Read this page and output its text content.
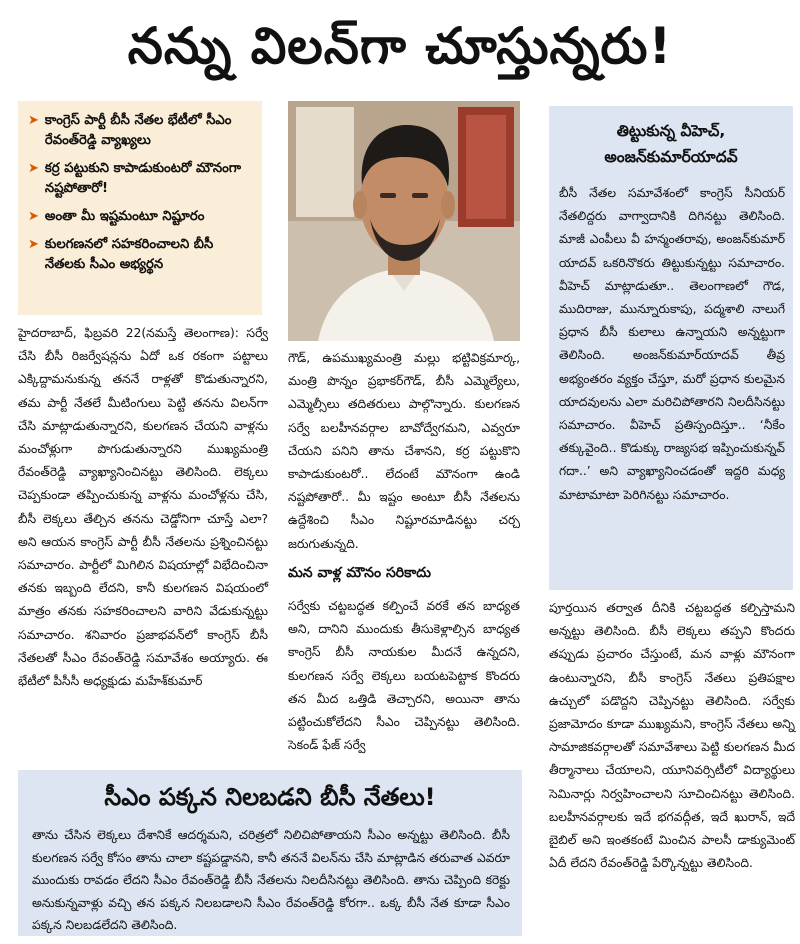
నన్ను విలన్‌గా చూస్తున్నరు!
➤ కాంగ్రెస్ పార్టీ బీసీ నేతల భేటీలో సీఎం రేవంత్‌రెడ్డి వ్యాఖ్యలు
➤ కర్ర పట్టుకుని కాపాడుకుంటరో మౌనంగా నష్టపోతారో!
➤ అంతా మీ ఇష్టమంటూ నిష్టూరం
➤ కులగణనలో సహకరించాలని బీసీ నేతలకు సీఎం అభ్యర్థన
తిట్టుకున్న వీహెచ్,
అంజన్‌కుమార్‌యాదవ్

బీసీ నేతల సమావేశంలో కాంగ్రెస్ సీనియర్ నేతలిద్దరు వాగ్వాదానికి దిగినట్టు తెలిసింది. మాజీ ఎంపీలు వీ హన్మంతరావు, అంజన్‌కుమార్ యాదవ్ ఒకరినొకరు తిట్టుకున్నట్టు సమాచారం. వీహెచ్ మాట్లాడుతూ.. తెలంగాణలో గౌడ, ముదిరాజు, మున్నూరుకాపు, పద్మశాలి నాలుగే ప్రధాన బీసీ కులాలు ఉన్నాయని అన్నట్టుగా తెలిసింది. అంజన్‌కుమార్‌యాదవ్ తీవ్ర అభ్యంతరం వ్యక్తం చేస్తూ, మరో ప్రధాన కులమైన యాదవులను ఎలా మరిచిపోతారని నిలదీసినట్టు సమాచారం. వీహెచ్ ప్రతిస్పందిస్తూ.. ‘నీకేం తక్కువైంది.. కొడుక్కు రాజ్యసభ ఇప్పించుకున్నవ్ గదా..’ అని వ్యాఖ్యానించడంతో ఇద్దరి మధ్య మాటామాటా పెరిగినట్టు సమాచారం.

హైదరాబాద్, ఫిబ్రవరి 22(నమస్తే తెలంగాణ): సర్వే చేసి బీసీ రిజర్వేషన్లను ఏదో ఒక రకంగా పట్టాలు ఎక్కిద్దామనుకున్న తననే రాళ్లతో కొడుతున్నారని, తమ పార్టీ నేతలే మీటింగులు పెట్టి తనను విలన్‌గా చేసి మాట్లాడుతున్నారని, కులగణన చేయని వాళ్లను మంచోళ్లుగా పొగుడుతున్నారని ముఖ్యమంత్రి రేవంత్‌రెడ్డి వ్యాఖ్యానించినట్టు తెలిసింది. లెక్కలు చెప్పకుండా తప్పించుకున్న వాళ్లను మంచోళ్లను చేసి, బీసీ లెక్కలు తేల్చిన తనను చెడ్డోనిగా చూస్తే ఎలా? అని ఆయన కాంగ్రెస్ పార్టీ బీసీ నేతలను ప్రశ్నించినట్టు సమాచారం. పార్టీలో మిగిలిన విషయాల్లో విభేదించినా తనకు ఇబ్బంది లేదని, కానీ కులగణన విషయంలో మాత్రం తనకు సహకరించాలని వారిని వేడుకున్నట్టు సమాచారం. శనివారం ప్రజాభవన్‌లో కాంగ్రెస్ బీసీ నేతలతో సీఎం రేవంత్‌రెడ్డి సమావేశం అయ్యారు. ఈ భేటీలో పీసీసీ అధ్యక్షుడు మహేశ్‌కుమార్

గౌడ్, ఉపముఖ్యమంత్రి మల్లు భట్టివిక్రమార్క, మంత్రి పొన్నం ప్రభాకర్‌గౌడ్, బీసీ ఎమ్మెల్యేలు, ఎమ్మెల్సీలు తదితరులు పాల్గొన్నారు. కులగణన సర్వే బలహీనవర్గాల బావోద్వేగమని, ఎవ్వరూ చేయని పనిని తాను చేశానని, కర్ర పట్టుకొని కాపాడుకుంటరో.. లేదంటే మౌనంగా ఉండి నష్టపోతారో.. మీ ఇష్టం అంటూ బీసీ నేతలను ఉద్దేశించి సీఎం నిష్టూరమాడినట్టు చర్చ జరుగుతున్నది.

మన వాళ్ల మౌనం సరికాదు

సర్వేకు చట్టబద్ధత కల్పించే వరకే తన బాధ్యత అని, దానిని ముందుకు తీసుకెళ్లాల్సిన బాధ్యత కాంగ్రెస్ బీసీ నాయకుల మీదనే ఉన్నదని, కులగణన సర్వే లెక్కలు బయటపెట్టాక కొందరు తన మీద ఒత్తిడి తెచ్చారని, అయినా తాను పట్టించుకోలేదని సీఎం చెప్పినట్టు తెలిసింది. సెకండ్ ఫేజ్ సర్వే

పూర్తయిన తర్వాత దీనికి చట్టబద్ధత కల్పిస్తామని అన్నట్టు తెలిసింది. బీసీ లెక్కలు తప్పని కొందరు తప్పుడు ప్రచారం చేస్తుంటే, మన వాళ్లు మౌనంగా ఉంటున్నారని, బీసీ కాంగ్రెస్ నేతలు ప్రతిపక్షాల ఉచ్చులో పడొద్దని చెప్పినట్టు తెలిసింది. సర్వేకు ప్రజామోదం కూడా ముఖ్యమని, కాంగ్రెస్ నేతలు అన్ని సామాజికవర్గాలతో సమావేశాలు పెట్టి కులగణన మీద తీర్మానాలు చేయాలని, యూనివర్సిటీలో విద్యార్థులు సెమినార్లు నిర్వహించాలని సూచించినట్టు తెలిసింది. బలహీనవర్గాలకు ఇదే భగవద్గీత, ఇదే ఖురాన్, ఇదే బైబిల్ అని ఇంతకంటే మించిన పాలసీ డాక్యుమెంట్ ఏదీ లేదని రేవంత్‌రెడ్డి పేర్కొన్నట్టు తెలిసింది.

సీఎం పక్కన నిలబడని బీసీ నేతలు!
తాను చేసిన లెక్కలు దేశానికే ఆదర్శమని, చరిత్రలో నిలిచిపోతాయని సీఎం అన్నట్టు తెలిసింది. బీసీ కులగణన సర్వే కోసం తాను చాలా కష్టపడ్డానని, కానీ తననే విలన్‌ను చేసి మాట్లాడిన తరువాత ఎవరూ ముందుకు రావడం లేదని సీఎం రేవంత్‌రెడ్డి బీసీ నేతలను నిలదీసినట్టు తెలిసింది. తాను చెప్పింది కరెక్టు అనుకున్నవాళ్లు వచ్చి తన పక్కన నిలబడాలని సీఎం రేవంత్‌రెడ్డి కోరగా.. ఒక్క బీసీ నేత కూడా సీఎం పక్కన నిలబడలేదని తెలిసింది.
